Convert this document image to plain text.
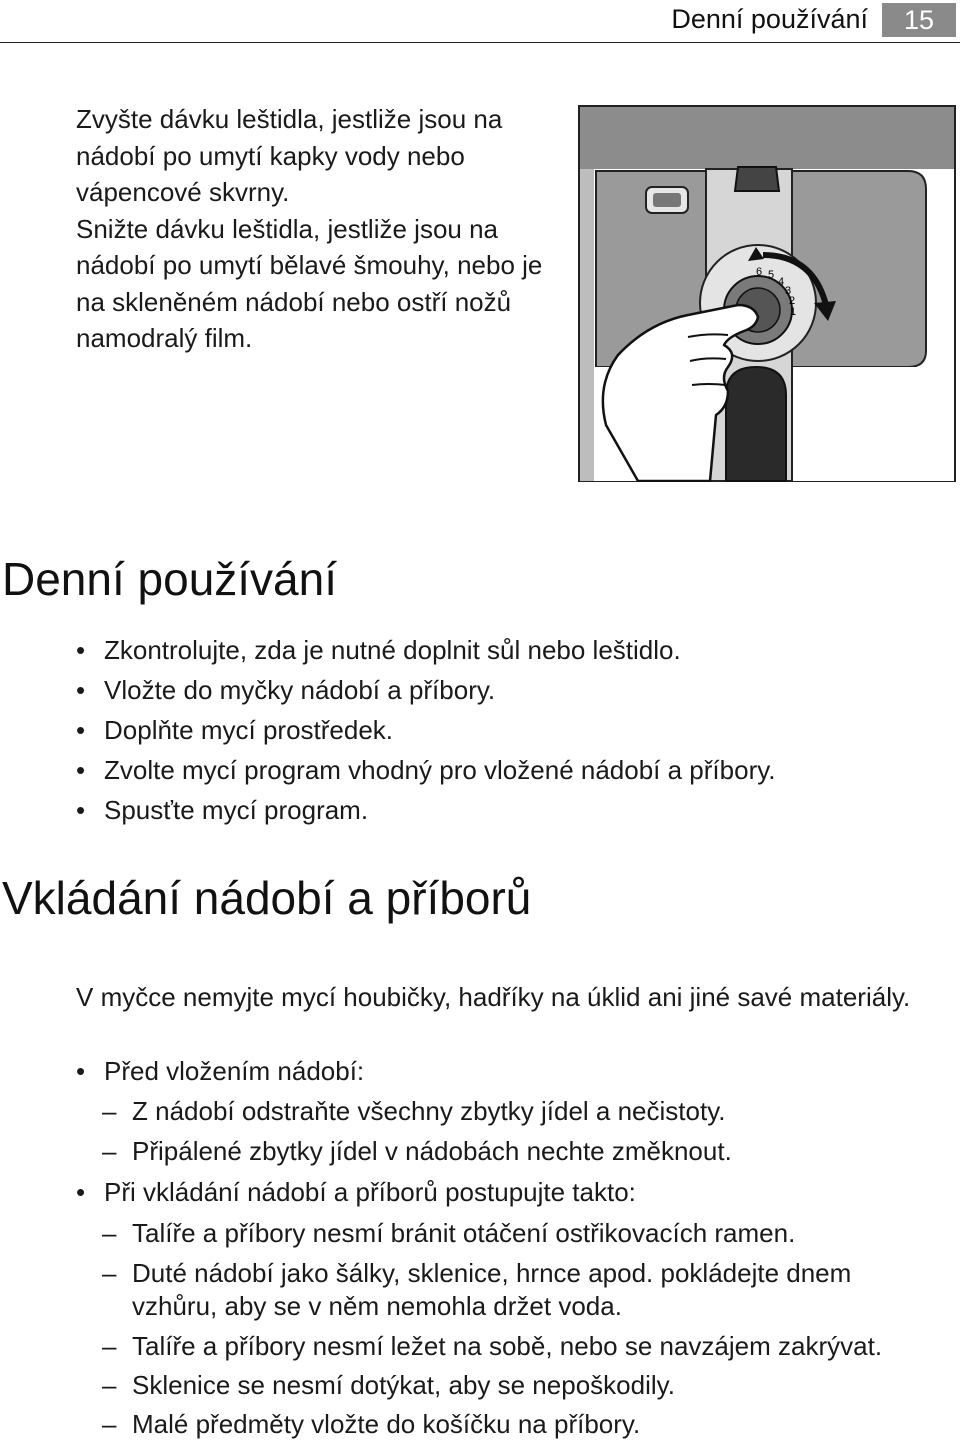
Denní používání	15

Zvyšte dávku leštidla, jestliže jsou na nádobí po umytí kapky vody nebo vápencové skvrny.

Snižte dávku leštidla, jestliže jsou na nádobí po umytí bělavé šmouhy, nebo je na skleněném nádobí nebo ostří nožů namodralý film.

6 5
4
3
2
1
Denní používání
• Zkontrolujte, zda je nutné doplnit sůl nebo leštidlo.
• Vložte do myčky nádobí a příbory.
• Doplňte mycí prostředek.
• Zvolte mycí program vhodný pro vložené nádobí a příbory.
• Spusťte mycí program.
Vkládání nádobí a příborů

V myčce nemyjte mycí houbičky, hadříky na úklid ani jiné savé materiály.

• Před vložením nádobí:
– Z nádobí odstraňte všechny zbytky jídel a nečistoty.
– Připálené zbytky jídel v nádobách nechte změknout.
• Při vkládání nádobí a příborů postupujte takto:
– Talíře a příbory nesmí bránit otáčení ostřikovacích ramen.
– Duté nádobí jako šálky, sklenice, hrnce apod. pokládejte dnem vzhůru, aby se v něm nemohla držet voda.
– Talíře a příbory nesmí ležet na sobě, nebo se navzájem zakrývat.
– Sklenice se nesmí dotýkat, aby se nepoškodily.
– Malé předměty vložte do košíčku na příbory.
